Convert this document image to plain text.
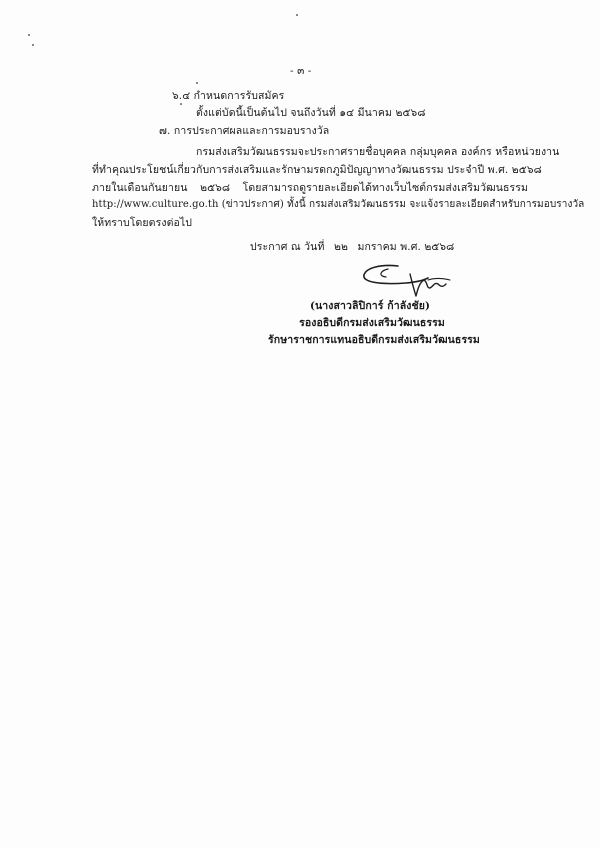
- ๓ -
๖.๔ กำหนดการรับสมัคร
ตั้งแต่บัดนี้เป็นต้นไป จนถึงวันที่ ๑๔ มีนาคม ๒๕๖๘
๗. การประกาศผลและการมอบรางวัล
กรมส่งเสริมวัฒนธรรมจะประกาศรายชื่อบุคคล กลุ่มบุคคล องค์กร หรือหน่วยงาน
ที่ทำคุณประโยชน์เกี่ยวกับการส่งเสริมและรักษามรดกภูมิปัญญาทางวัฒนธรรม ประจำปี พ.ศ. ๒๕๖๘
ภายในเดือนกันยายน ๒๕๖๘ โดยสามารถดูรายละเอียดได้ทางเว็บไซต์กรมส่งเสริมวัฒนธรรม
http://www.culture.go.th (ข่าวประกาศ) ทั้งนี้ กรมส่งเสริมวัฒนธรรม จะแจ้งรายละเอียดสำหรับการมอบรางวัล
ให้ทราบโดยตรงต่อไป
ประกาศ ณ วันที่ ๒๒ มกราคม พ.ศ. ๒๕๖๘
(นางสาวลิปิการ์ ก้าลังชัย)
รองอธิบดีกรมส่งเสริมวัฒนธรรม
รักษาราชการแทนอธิบดีกรมส่งเสริมวัฒนธรรม
